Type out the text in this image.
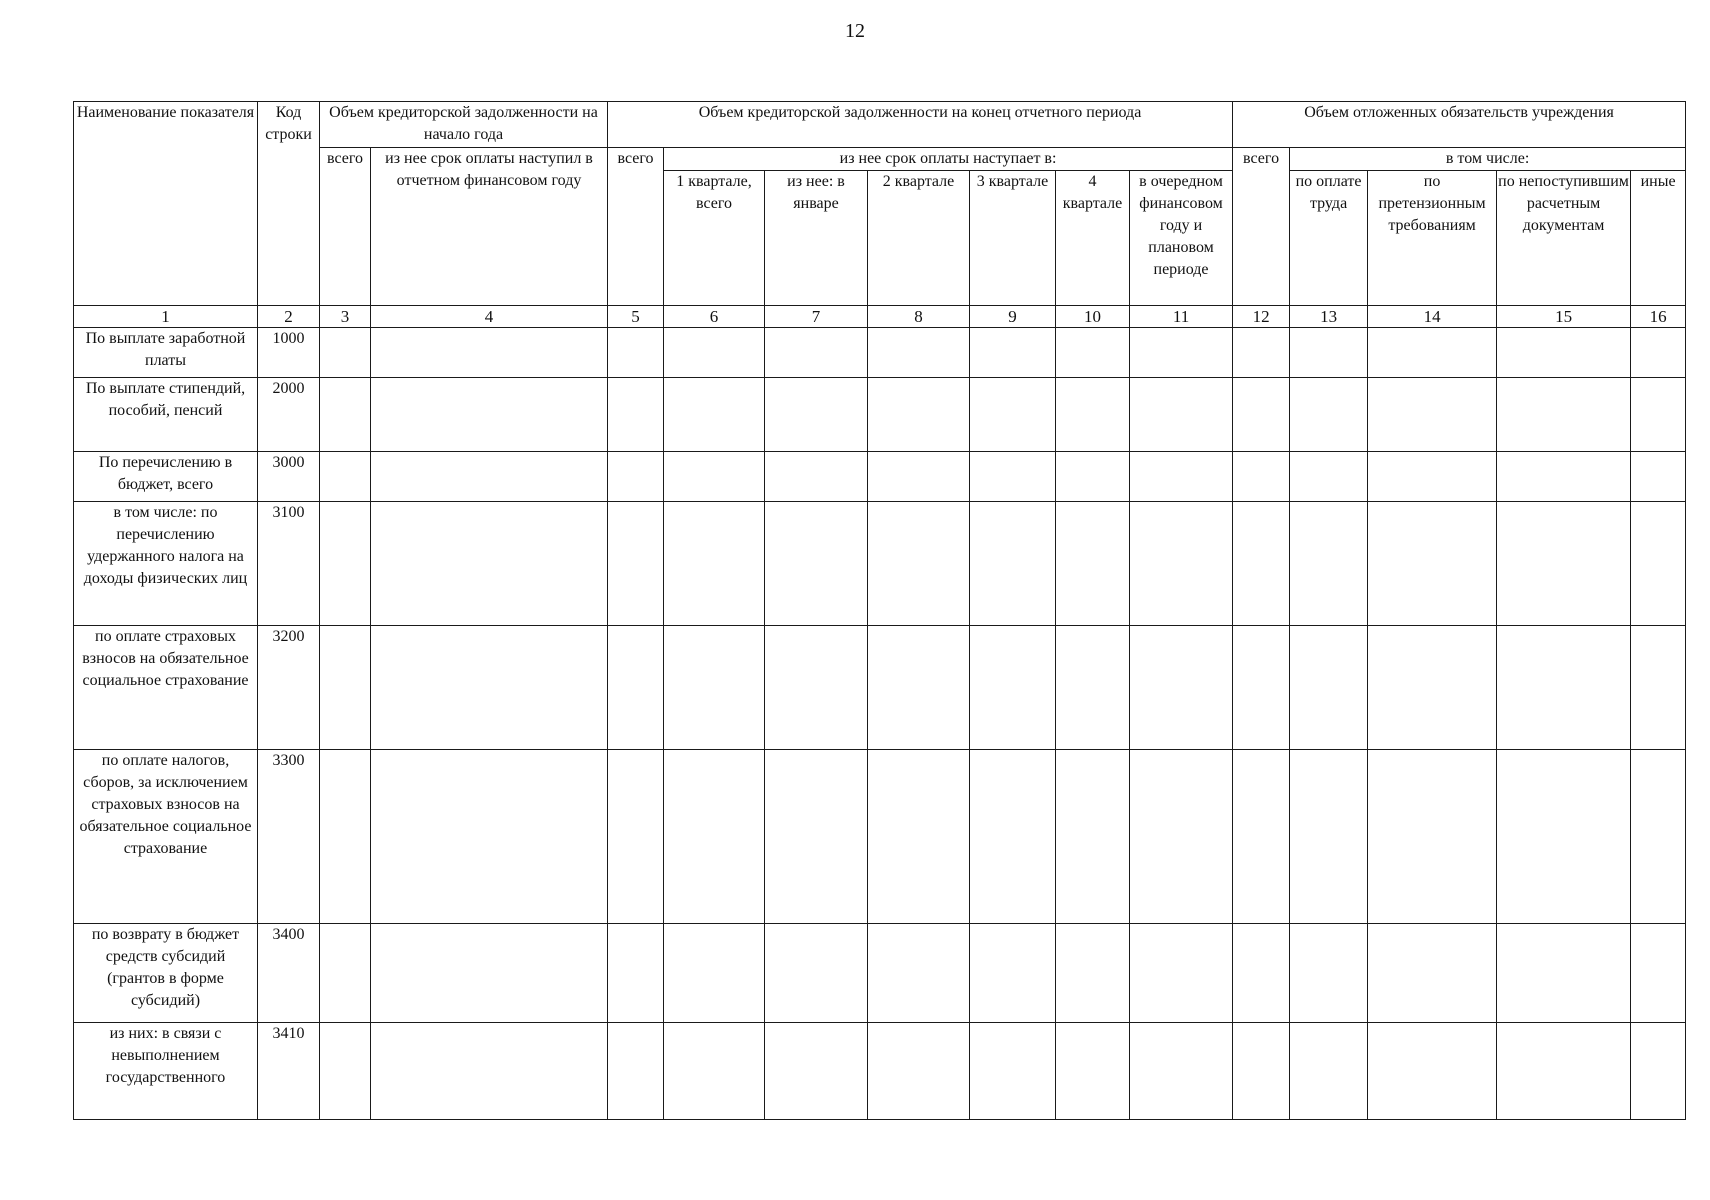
12
Наименование показателя	Код строки	Объем кредиторской задолженности на начало года		Объем кредиторской задолженности на конец отчетного периода							Объем отложенных обязательств учреждения				
		всего	из нее срок оплаты наступил в отчетном финансовом году	всего	из нее срок оплаты наступает в:						всего	в том числе:			
					1 квартале, всего	из нее: в январе	2 квартале	3 квартале	4 квартале	в очередном финансовом году и плановом периоде		по оплате труда	по претензионным требованиям	по непоступившим расчетным документам	иные
1	2	3	4	5	6	7	8	9	10	11	12	13	14	15	16
По выплате заработной платы	1000														
По выплате стипендий, пособий, пенсий	2000														
По перечислению в бюджет, всего	3000														
в том числе: по перечислению удержанного налога на доходы физических лиц	3100														
по оплате страховых взносов на обязательное социальное страхование	3200														
по оплате налогов, сборов, за исключением страховых взносов на обязательное социальное страхование	3300														
по возврату в бюджет средств субсидий (грантов в форме субсидий)	3400														
из них: в связи с невыполнением государственного	3410														
